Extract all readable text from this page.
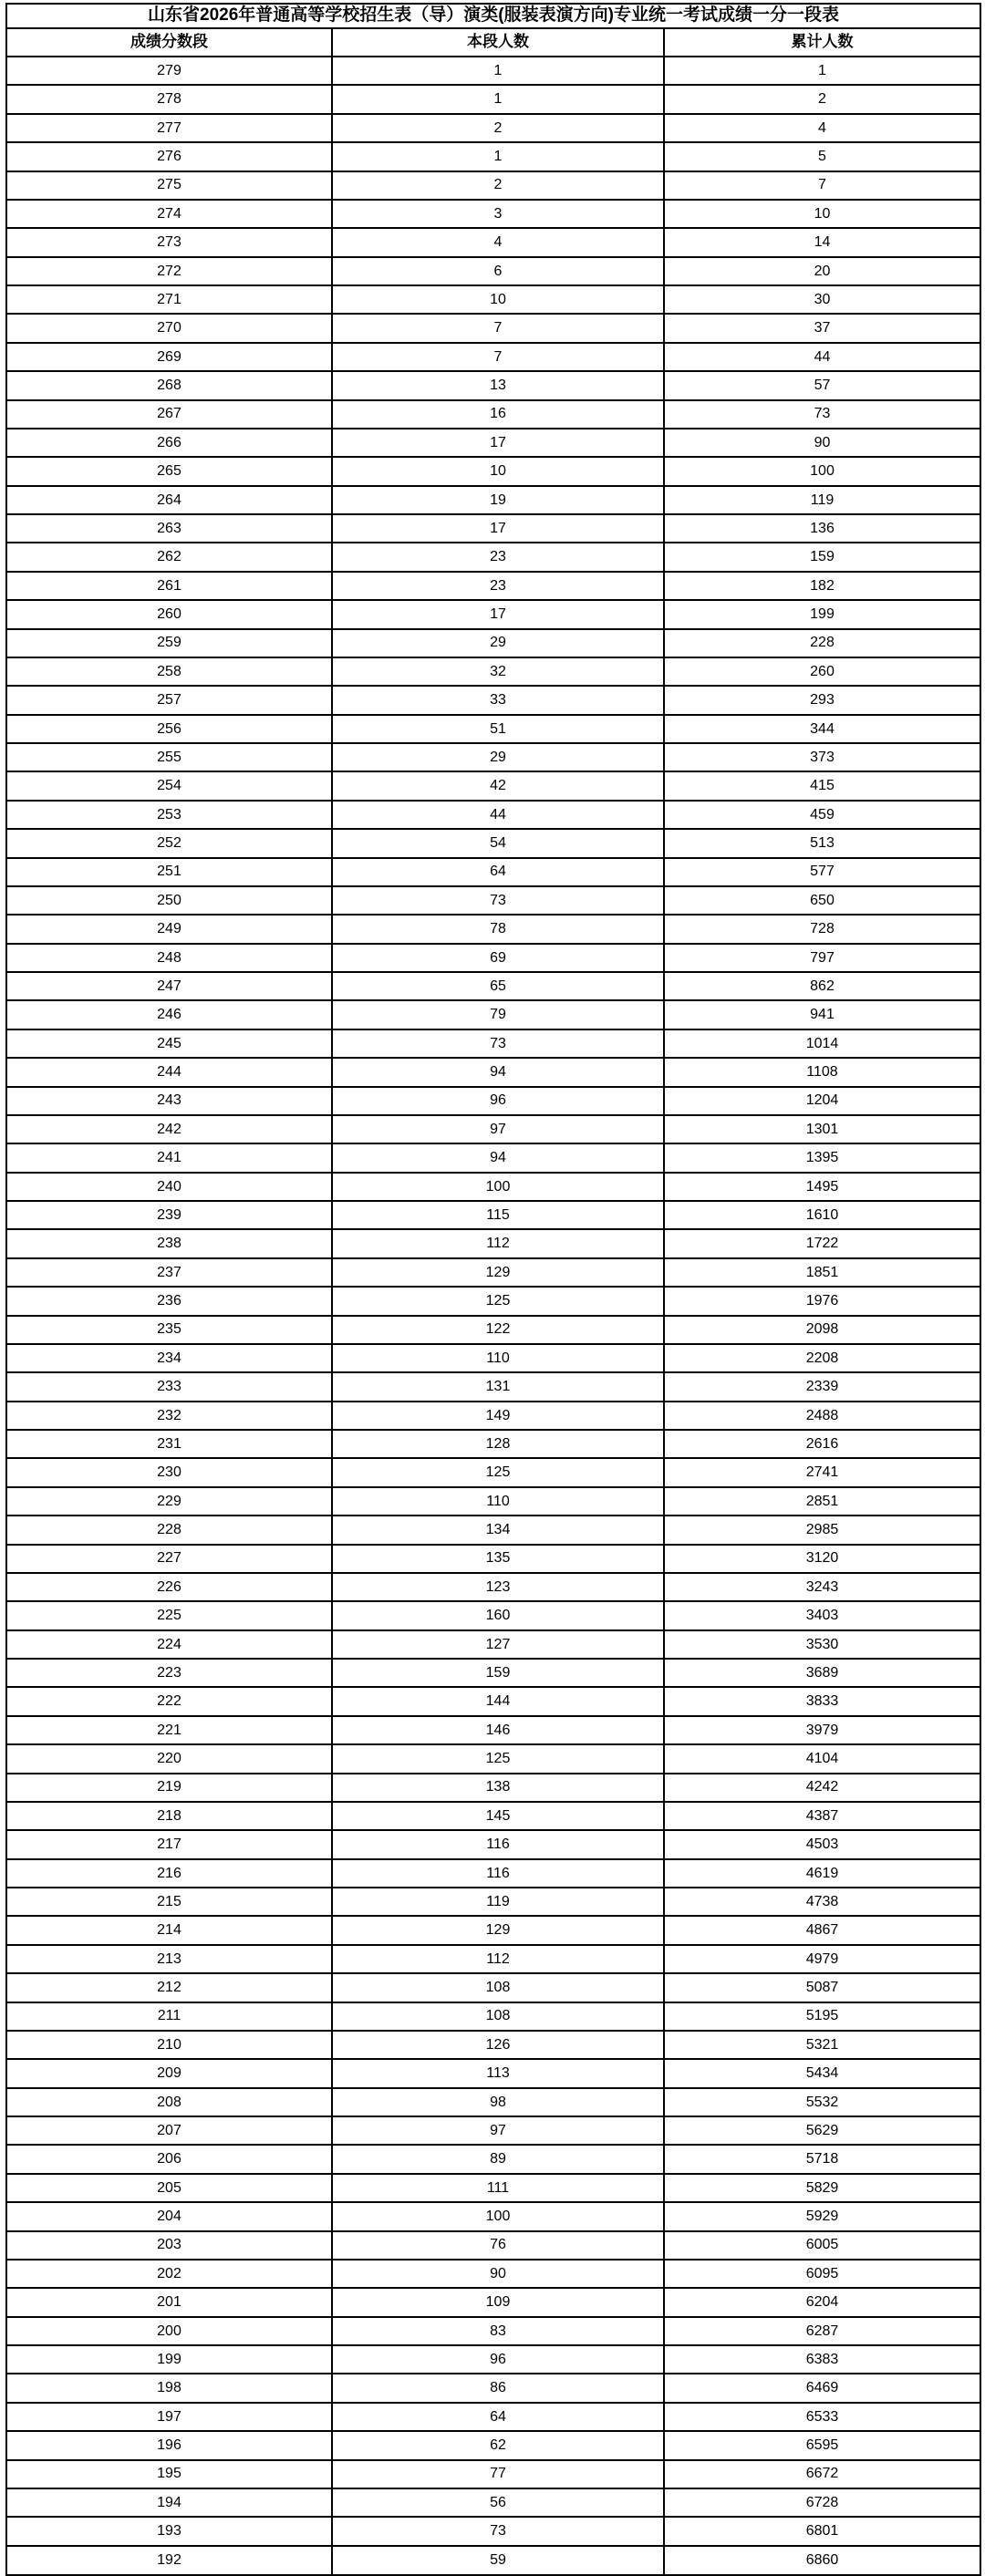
山东省2026年普通高等学校招生表（导）演类(服装表演方向)专业统一考试成绩一分一段表		
成绩分数段	本段人数	累计人数
279	1	1
278	1	2
277	2	4
276	1	5
275	2	7
274	3	10
273	4	14
272	6	20
271	10	30
270	7	37
269	7	44
268	13	57
267	16	73
266	17	90
265	10	100
264	19	119
263	17	136
262	23	159
261	23	182
260	17	199
259	29	228
258	32	260
257	33	293
256	51	344
255	29	373
254	42	415
253	44	459
252	54	513
251	64	577
250	73	650
249	78	728
248	69	797
247	65	862
246	79	941
245	73	1014
244	94	1108
243	96	1204
242	97	1301
241	94	1395
240	100	1495
239	115	1610
238	112	1722
237	129	1851
236	125	1976
235	122	2098
234	110	2208
233	131	2339
232	149	2488
231	128	2616
230	125	2741
229	110	2851
228	134	2985
227	135	3120
226	123	3243
225	160	3403
224	127	3530
223	159	3689
222	144	3833
221	146	3979
220	125	4104
219	138	4242
218	145	4387
217	116	4503
216	116	4619
215	119	4738
214	129	4867
213	112	4979
212	108	5087
211	108	5195
210	126	5321
209	113	5434
208	98	5532
207	97	5629
206	89	5718
205	111	5829
204	100	5929
203	76	6005
202	90	6095
201	109	6204
200	83	6287
199	96	6383
198	86	6469
197	64	6533
196	62	6595
195	77	6672
194	56	6728
193	73	6801
192	59	6860
